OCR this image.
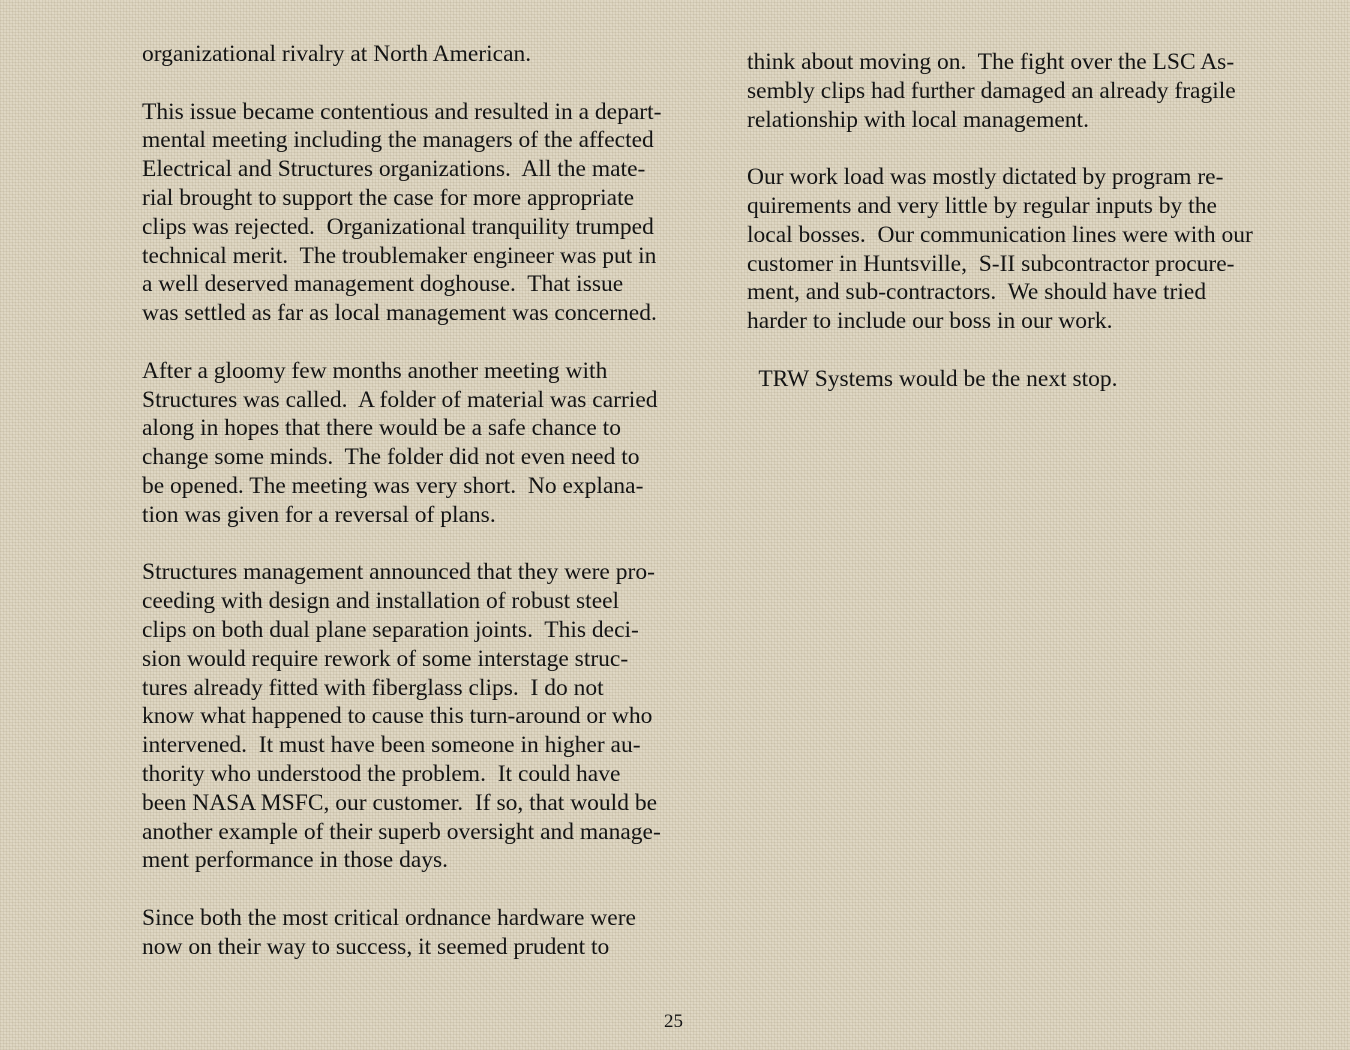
organizational rivalry at North American.

This issue became contentious and resulted in a depart-
mental meeting including the managers of the affected
Electrical and Structures organizations.  All the mate-
rial brought to support the case for more appropriate
clips was rejected.  Organizational tranquility trumped
technical merit.  The troublemaker engineer was put in
a well deserved management doghouse.  That issue
was settled as far as local management was concerned.

After a gloomy few months another meeting with
Structures was called.  A folder of material was carried
along in hopes that there would be a safe chance to
change some minds.  The folder did not even need to
be opened. The meeting was very short.  No explana-
tion was given for a reversal of plans.

Structures management announced that they were pro-
ceeding with design and installation of robust steel
clips on both dual plane separation joints.  This deci-
sion would require rework of some interstage struc-
tures already fitted with fiberglass clips.  I do not
know what happened to cause this turn-around or who
intervened.  It must have been someone in higher au-
thority who understood the problem.  It could have
been NASA MSFC, our customer.  If so, that would be
another example of their superb oversight and manage-
ment performance in those days.

Since both the most critical ordnance hardware were
now on their way to success, it seemed prudent to

think about moving on.  The fight over the LSC As-
sembly clips had further damaged an already fragile
relationship with local management.

Our work load was mostly dictated by program re-
quirements and very little by regular inputs by the
local bosses.  Our communication lines were with our
customer in Huntsville,  S-II subcontractor procure-
ment, and sub-contractors.  We should have tried
harder to include our boss in our work.

TRW Systems would be the next stop.

25
